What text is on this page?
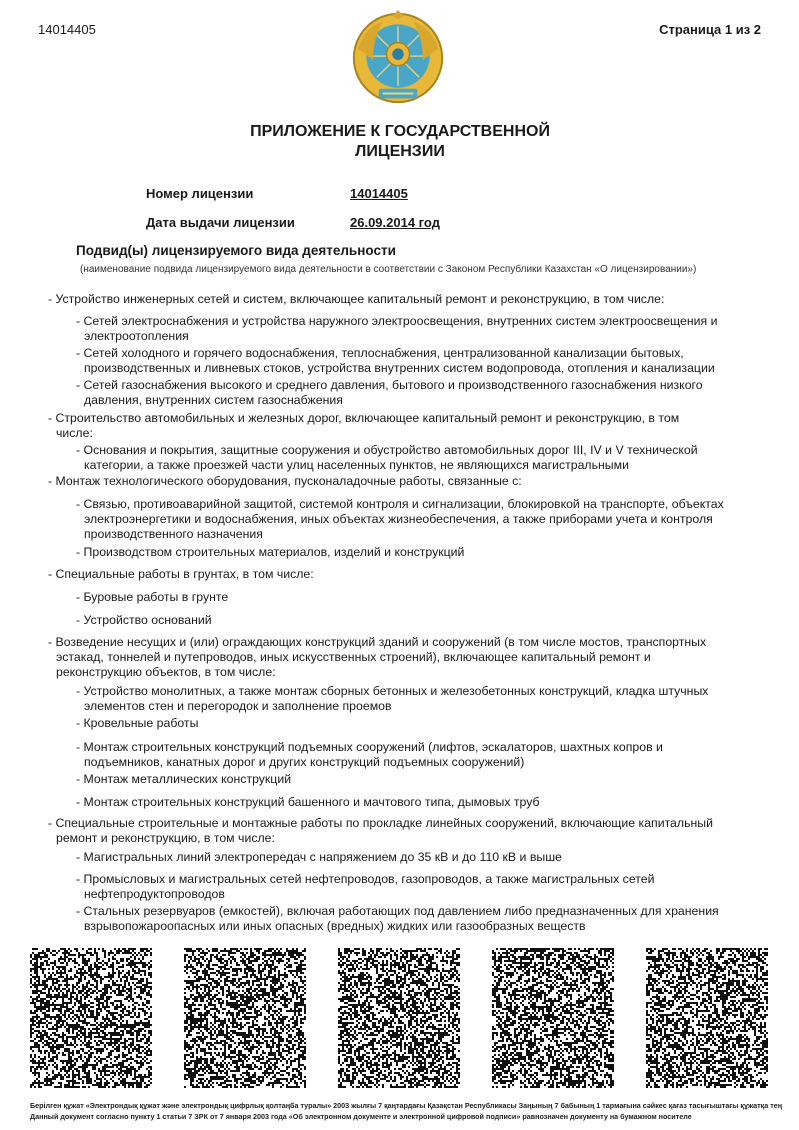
14014405	Страница 1 из 2
ПРИЛОЖЕНИЕ К ГОСУДАРСТВЕННОЙ
ЛИЦЕНЗИИ
Номер лицензии	14014405
Дата выдачи лицензии	26.09.2014 год
Подвид(ы) лицензируемого вида деятельности
(наименование подвида лицензируемого вида деятельности в соответствии с Законом Республики Казахстан «О лицензировании»)
- Устройство инженерных сетей и систем, включающее капитальный ремонт и реконструкцию, в том числе:
- Сетей электроснабжения и устройства наружного электроосвещения, внутренних систем электроосвещения и
электроотопления
- Сетей холодного и горячего водоснабжения, теплоснабжения, централизованной канализации бытовых,
производственных и ливневых стоков, устройства внутренних систем водопровода, отопления и канализации
- Сетей газоснабжения высокого и среднего давления, бытового и производственного газоснабжения низкого
давления, внутренних систем газоснабжения
- Строительство автомобильных и железных дорог, включающее капитальный ремонт и реконструкцию, в том
числе:
- Основания и покрытия, защитные сооружения и обустройство автомобильных дорог III, IV и V технической
категории, а также проезжей части улиц населенных пунктов, не являющихся магистральными
- Монтаж технологического оборудования, пусконаладочные работы, связанные с:
- Связью, противоаварийной защитой, системой контроля и сигнализации, блокировкой на транспорте, объектах
электроэнергетики и водоснабжения, иных объектах жизнеобеспечения, а также приборами учета и контроля
производственного назначения
- Производством строительных материалов, изделий и конструкций
- Специальные работы в грунтах, в том числе:
- Буровые работы в грунте
- Устройство оснований
- Возведение несущих и (или) ограждающих конструкций зданий и сооружений (в том числе мостов, транспортных
эстакад, тоннелей и путепроводов, иных искусственных строений), включающее капитальный ремонт и
реконструкцию объектов, в том числе:
- Устройство монолитных, а также монтаж сборных бетонных и железобетонных конструкций, кладка штучных
элементов стен и перегородок и заполнение проемов
- Кровельные работы
- Монтаж строительных конструкций подъемных сооружений (лифтов, эскалаторов, шахтных копров и
подъемников, канатных дорог и других конструкций подъемных сооружений)
- Монтаж металлических конструкций
- Монтаж строительных конструкций башенного и мачтового типа, дымовых труб
- Специальные строительные и монтажные работы по прокладке линейных сооружений, включающие капитальный
ремонт и реконструкцию, в том числе:
- Магистральных линий электропередач с напряжением до 35 кВ и до 110 кВ и выше
- Промысловых и магистральных сетей нефтепроводов, газопроводов, а также магистральных сетей
нефтепродуктопроводов
- Стальных резервуаров (емкостей), включая работающих под давлением либо предназначенных для хранения
взрывопожароопасных или иных опасных (вредных) жидких или газообразных веществ
Берілген құжат «Электрондық құжат және электрондық цифрлық қолтаңба туралы» 2003 жылғы 7 қаңтардағы Қазақстан Республикасы Заңының 7 бабының 1 тармағына сәйкес қағаз тасығыштағы құжатқа тең
Данный документ согласно пункту 1 статьи 7 ЗРК от 7 января 2003 года «Об электронном документе и электронной цифровой подписи» равнозначен документу на бумажном носителе
